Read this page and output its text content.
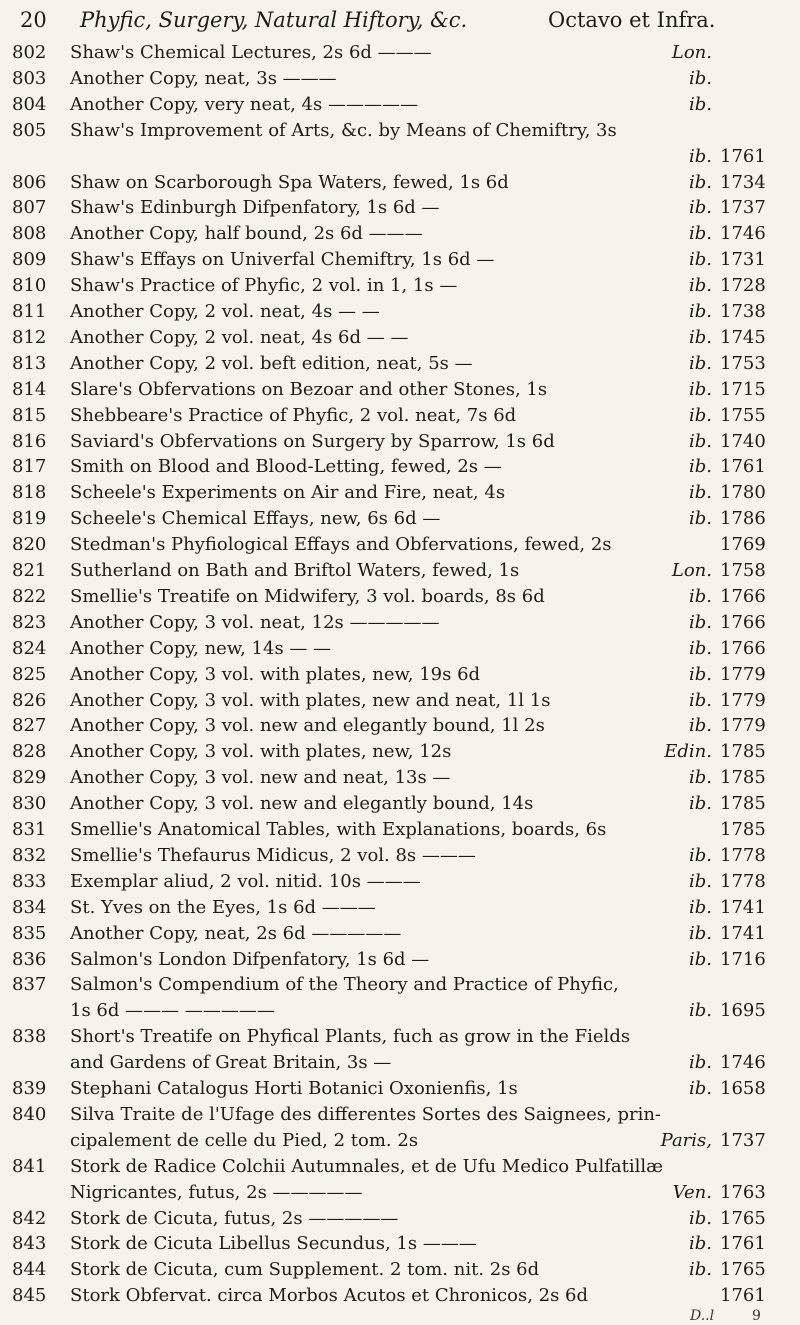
20 Phyfic, Surgery, Natural Hiftory, &c.	Octavo et Infra.
802	Shaw's Chemical Lectures, 2s 6d ———	Lon.
803	Another Copy, neat, 3s ———	ib.
804	Another Copy, very neat, 4s —————	ib.
805	Shaw's Improvement of Arts, &c. by Means of Chemiftry, 3s
ib. 1761
806	Shaw on Scarborough Spa Waters, fewed, 1s 6d	ib. 1734
807	Shaw's Edinburgh Difpenfatory, 1s 6d —	ib. 1737
808	Another Copy, half bound, 2s 6d ———	ib. 1746
809	Shaw's Effays on Univerfal Chemiftry, 1s 6d —	ib. 1731
810	Shaw's Practice of Phyfic, 2 vol. in 1, 1s —	ib. 1728
811	Another Copy, 2 vol. neat, 4s — —	ib. 1738
812	Another Copy, 2 vol. neat, 4s 6d — —	ib. 1745
813	Another Copy, 2 vol. beft edition, neat, 5s —	ib. 1753
814	Slare's Obfervations on Bezoar and other Stones, 1s	ib. 1715
815	Shebbeare's Practice of Phyfic, 2 vol. neat, 7s 6d	ib. 1755
816	Saviard's Obfervations on Surgery by Sparrow, 1s 6d	ib. 1740
817	Smith on Blood and Blood-Letting, fewed, 2s —	ib. 1761
818	Scheele's Experiments on Air and Fire, neat, 4s	ib. 1780
819	Scheele's Chemical Effays, new, 6s 6d —	ib. 1786
820	Stedman's Phyfiological Effays and Obfervations, fewed, 2s	1769
821	Sutherland on Bath and Briftol Waters, fewed, 1s	Lon. 1758
822	Smellie's Treatife on Midwifery, 3 vol. boards, 8s 6d	ib. 1766
823	Another Copy, 3 vol. neat, 12s —————	ib. 1766
824	Another Copy, new, 14s — —	ib. 1766
825	Another Copy, 3 vol. with plates, new, 19s 6d	ib. 1779
826	Another Copy, 3 vol. with plates, new and neat, 1l 1s	ib. 1779
827	Another Copy, 3 vol. new and elegantly bound, 1l 2s	ib. 1779
828	Another Copy, 3 vol. with plates, new, 12s	Edin. 1785
829	Another Copy, 3 vol. new and neat, 13s —	ib. 1785
830	Another Copy, 3 vol. new and elegantly bound, 14s	ib. 1785
831	Smellie's Anatomical Tables, with Explanations, boards, 6s	1785
832	Smellie's Thefaurus Midicus, 2 vol. 8s ———	ib. 1778
833	Exemplar aliud, 2 vol. nitid. 10s ———	ib. 1778
834	St. Yves on the Eyes, 1s 6d ———	ib. 1741
835	Another Copy, neat, 2s 6d —————	ib. 1741
836	Salmon's London Difpenfatory, 1s 6d —	ib. 1716
837	Salmon's Compendium of the Theory and Practice of Phyfic,
1s 6d ——— —————	ib. 1695
838	Short's Treatife on Phyfical Plants, fuch as grow in the Fields
and Gardens of Great Britain, 3s —	ib. 1746
839	Stephani Catalogus Horti Botanici Oxonienfis, 1s	ib. 1658
840	Silva Traite de l'Ufage des differentes Sortes des Saignees, prin-
cipalement de celle du Pied, 2 tom. 2s	Paris, 1737
841	Stork de Radice Colchii Autumnales, et de Ufu Medico Pulfatillæ
Nigricantes, futus, 2s —————	Ven. 1763
842	Stork de Cicuta, futus, 2s —————	ib. 1765
843	Stork de Cicuta Libellus Secundus, 1s ———	ib. 1761
844	Stork de Cicuta, cum Supplement. 2 tom. nit. 2s 6d	ib. 1765
845	Stork Obfervat. circa Morbos Acutos et Chronicos, 2s 6d	1761
D..l	9
